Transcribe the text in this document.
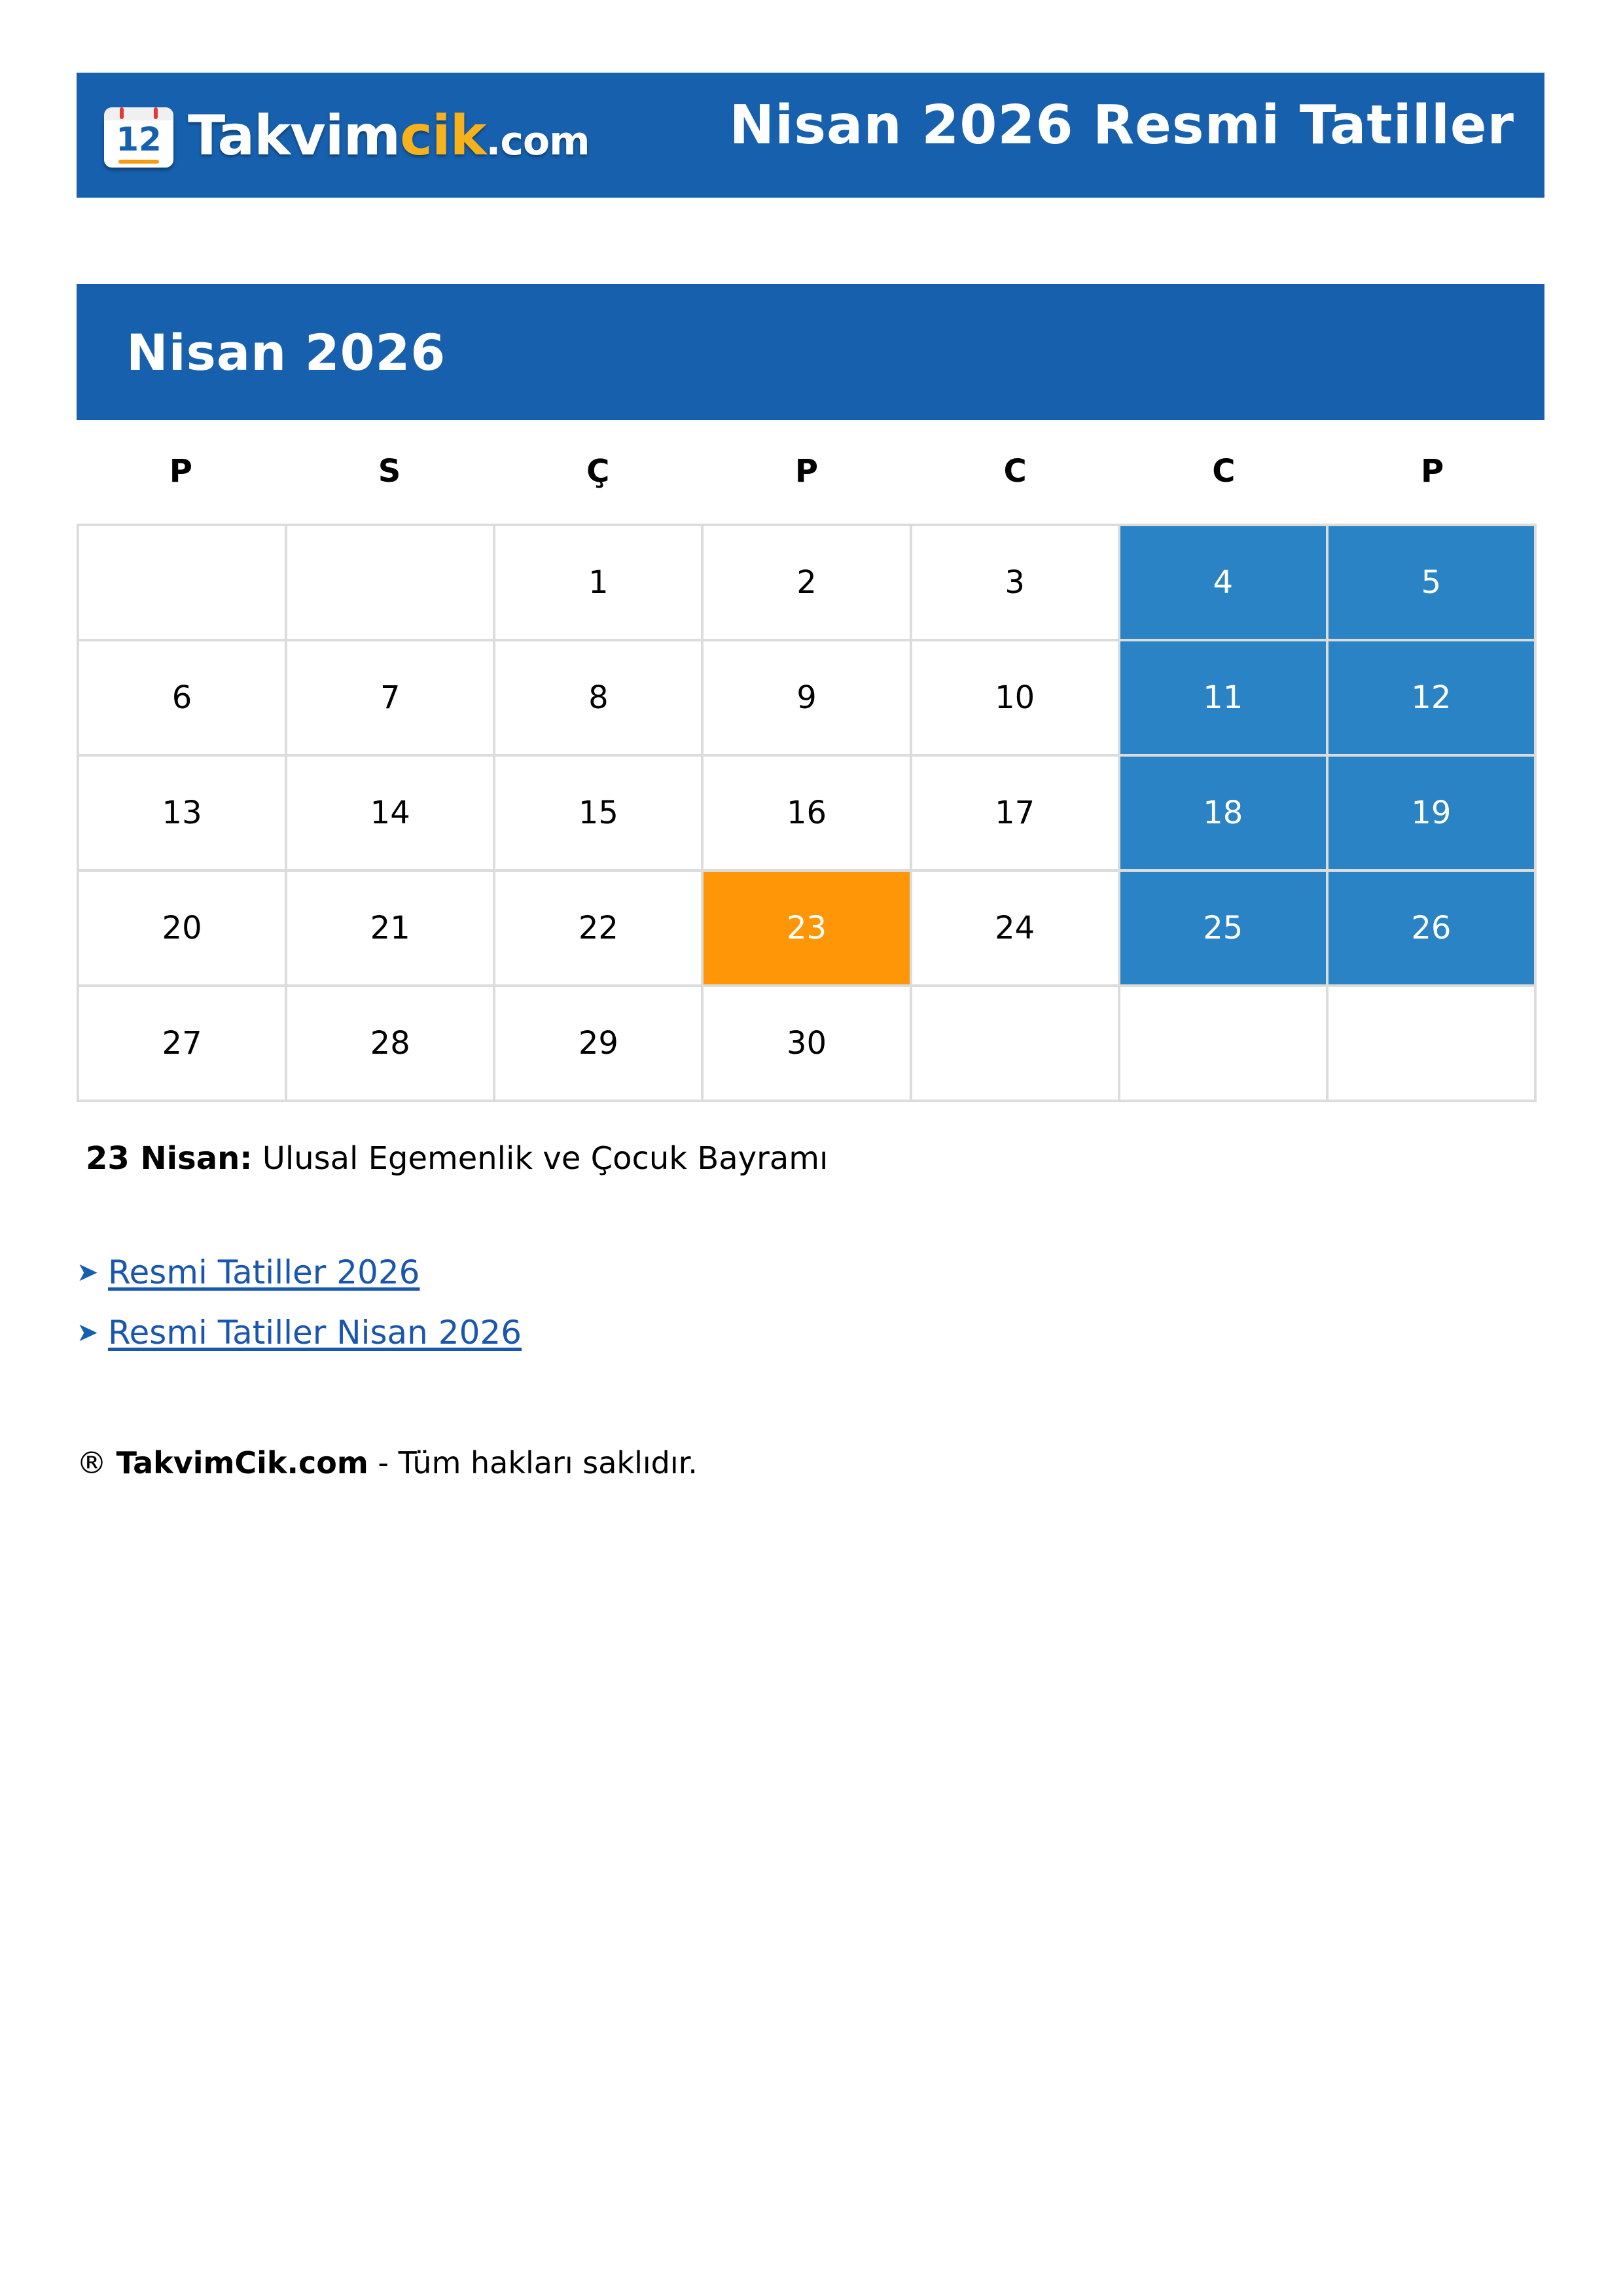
12 Takvimcik.com	Nisan 2026 Resmi Tatiller
Nisan 2026
P	S	Ç	P	C	C	P
		1	2	3	4	5
6	7	8	9	10	11	12
13	14	15	16	17	18	19
20	21	22	23	24	25	26
27	28	29	30			
23 Nisan: Ulusal Egemenlik ve Çocuk Bayramı
➤ Resmi Tatiller 2026
➤ Resmi Tatiller Nisan 2026
® TakvimCik.com - Tüm hakları saklıdır.
